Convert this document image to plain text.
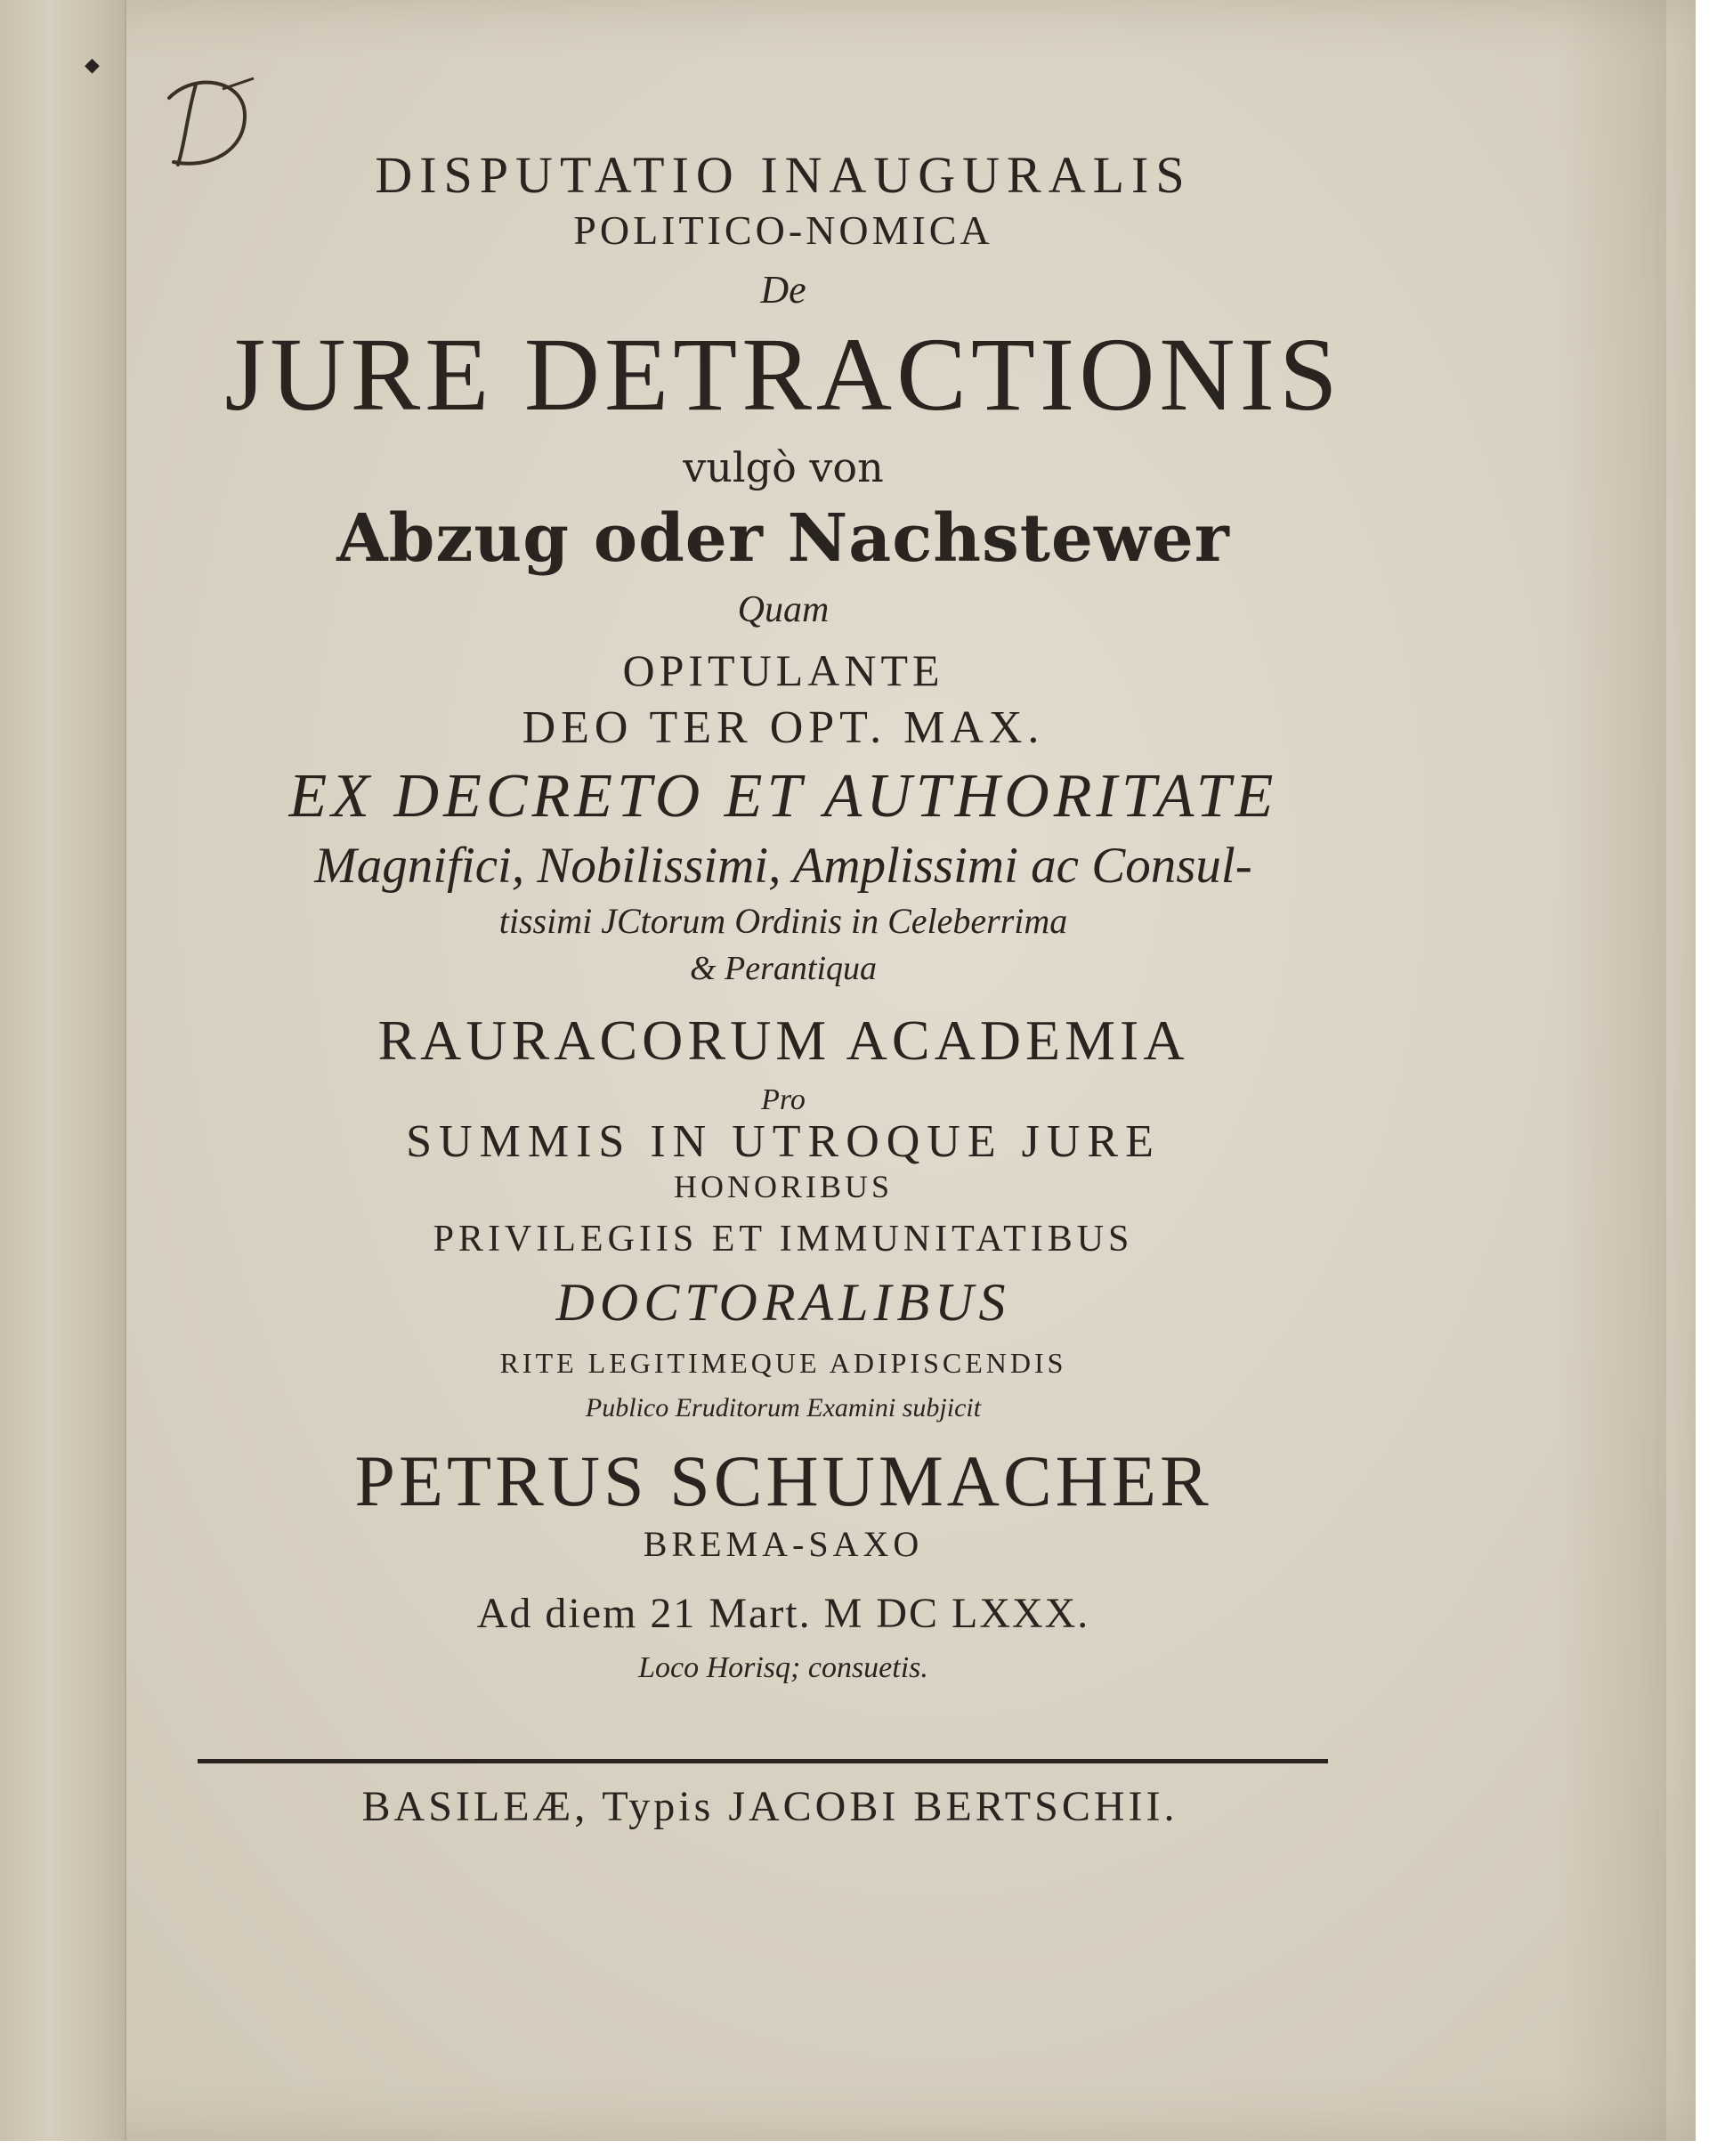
◆
DISPUTATIO INAUGURALIS
POLITICO-NOMICA
De
JURE DETRACTIONIS
vulgò von
Abzug oder Nachstewer
Quam
OPITULANTE
DEO TER OPT. MAX.
EX DECRETO ET AUTHORITATE
Magnifici, Nobilissimi, Amplissimi ac Consul-
tissimi JCtorum Ordinis in Celeberrima
& Perantiqua
RAURACORUM ACADEMIA
Pro
SUMMIS IN UTROQUE JURE
HONORIBUS
PRIVILEGIIS ET IMMUNITATIBUS
DOCTORALIBUS
RITE LEGITIMEQUE ADIPISCENDIS
Publico Eruditorum Examini subjicit
PETRUS SCHUMACHER
BREMA-SAXO
Ad diem 21 Mart. M DC LXXX.
Loco Horisq; consuetis.
BASILEÆ, Typis JACOBI BERTSCHII.
